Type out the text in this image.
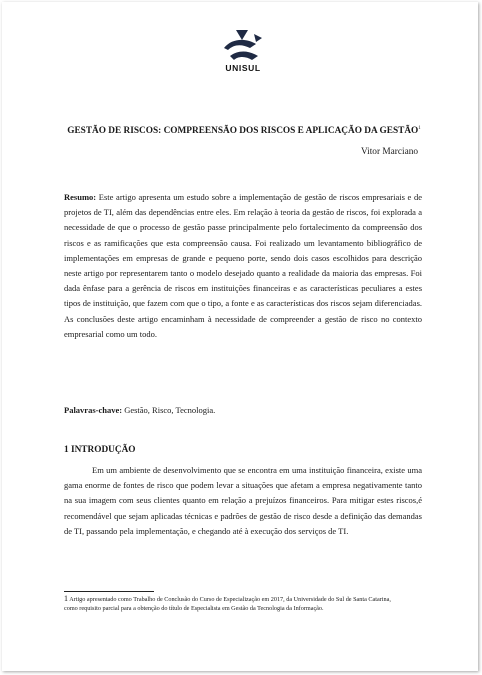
UNISUL
GESTÃO DE RISCOS: COMPREENSÃO DOS RISCOS E APLICAÇÃO DA GESTÃO$^1$
Vitor Marciano

Resumo: Este artigo apresenta um estudo sobre a implementação de gestão de riscos empresariais e de projetos de TI, além das dependências entre eles. Em relação à teoria da gestão de riscos, foi explorada a necessidade de que o processo de gestão passe principalmente pelo fortalecimento da compreensão dos riscos e as ramificações que esta compreensão causa. Foi realizado um levantamento bibliográfico de implementações em empresas de grande e pequeno porte, sendo dois casos escolhidos para descrição neste artigo por representarem tanto o modelo desejado quanto a realidade da maioria das empresas. Foi dada ênfase para a gerência de riscos em instituições financeiras e as características peculiares a estes tipos de instituição, que fazem com que o tipo, a fonte e as características dos riscos sejam diferenciadas. As conclusões deste artigo encaminham à necessidade de compreender a gestão de risco no contexto empresarial como um todo.

Palavras-chave: Gestão, Risco, Tecnologia.

1 INTRODUÇÃO

Em um ambiente de desenvolvimento que se encontra em uma instituição financeira, existe uma gama enorme de fontes de risco que podem levar a situações que afetam a empresa negativamente tanto na sua imagem com seus clientes quanto em relação a prejuízos financeiros. Para mitigar estes riscos,é recomendável que sejam aplicadas técnicas e padrões de gestão de risco desde a definição das demandas de TI, passando pela implementação, e chegando até à execução dos serviços de TI.

1 Artigo apresentado como Trabalho de Conclusão do Curso de Especialização em 2017, da Universidade do Sul de Santa Catarina, como requisito parcial para a obtenção do título de Especialista em Gestão da Tecnologia da Informação.
